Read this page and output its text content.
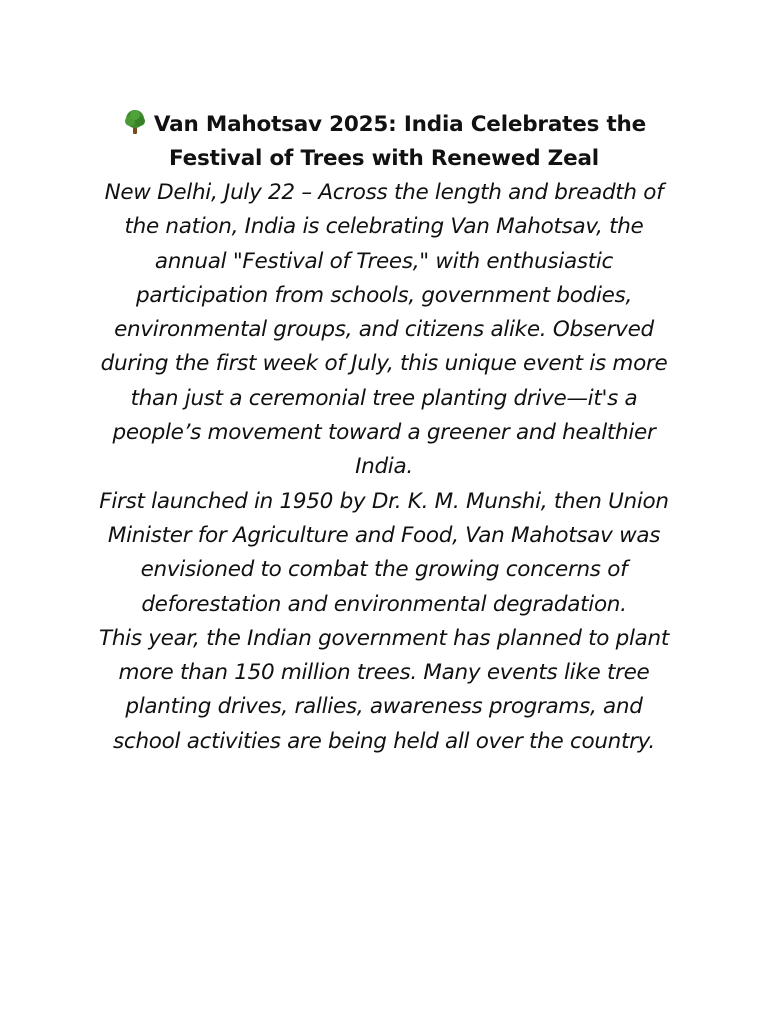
Van Mahotsav 2025: India Celebrates the Festival of Trees with Renewed Zeal

New Delhi, July 22 – Across the length and breadth of the nation, India is celebrating Van Mahotsav, the annual "Festival of Trees," with enthusiastic participation from schools, government bodies, environmental groups, and citizens alike. Observed during the first week of July, this unique event is more than just a ceremonial tree planting drive—it's a people’s movement toward a greener and healthier India.

First launched in 1950 by Dr. K. M. Munshi, then Union Minister for Agriculture and Food, Van Mahotsav was envisioned to combat the growing concerns of deforestation and environmental degradation.

This year, the Indian government has planned to plant more than 150 million trees. Many events like tree planting drives, rallies, awareness programs, and school activities are being held all over the country.
